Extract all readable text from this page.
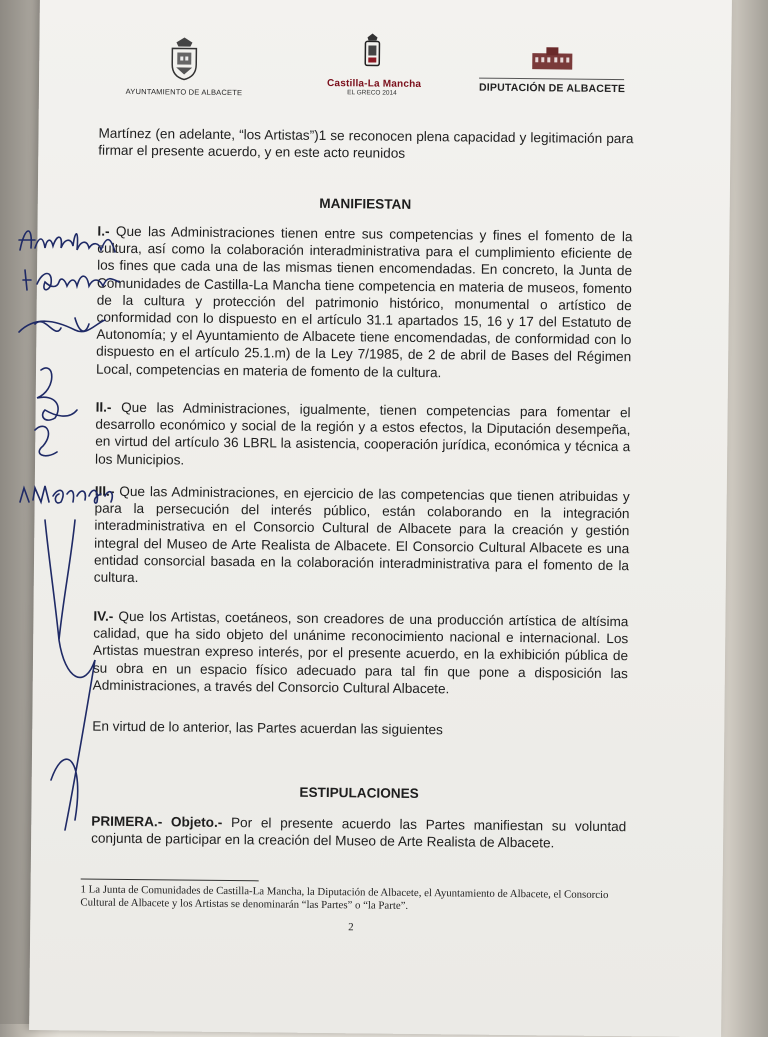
AYUNTAMIENTO DE ALBACETE
Castilla-La Mancha
EL GRECO 2014	DIPUTACIÓN DE ALBACETE
Martínez (en adelante, “los Artistas”)1 se reconocen plena capacidad y legitimación para firmar el presente acuerdo, y en este acto reunidos
MANIFIESTAN
I.- Que las Administraciones tienen entre sus competencias y fines el fomento de la cultura, así como la colaboración interadministrativa para el cumplimiento eficiente de los fines que cada una de las mismas tienen encomendadas. En concreto, la Junta de Comunidades de Castilla-La Mancha tiene competencia en materia de museos, fomento de la cultura y protección del patrimonio histórico, monumental o artístico de conformidad con lo dispuesto en el artículo 31.1 apartados 15, 16 y 17 del Estatuto de Autonomía; y el Ayuntamiento de Albacete tiene encomendadas, de conformidad con lo dispuesto en el artículo 25.1.m) de la Ley 7/1985, de 2 de abril de Bases del Régimen Local, competencias en materia de fomento de la cultura.
II.- Que las Administraciones, igualmente, tienen competencias para fomentar el desarrollo económico y social de la región y a estos efectos, la Diputación desempeña, en virtud del artículo 36 LBRL la asistencia, cooperación jurídica, económica y técnica a los Municipios.
III.- Que las Administraciones, en ejercicio de las competencias que tienen atribuidas y para la persecución del interés público, están colaborando en la integración interadministrativa en el Consorcio Cultural de Albacete para la creación y gestión integral del Museo de Arte Realista de Albacete. El Consorcio Cultural Albacete es una entidad consorcial basada en la colaboración interadministrativa para el fomento de la cultura.
IV.- Que los Artistas, coetáneos, son creadores de una producción artística de altísima calidad, que ha sido objeto del unánime reconocimiento nacional e internacional. Los Artistas muestran expreso interés, por el presente acuerdo, en la exhibición pública de su obra en un espacio físico adecuado para tal fin que pone a disposición las Administraciones, a través del Consorcio Cultural Albacete.
En virtud de lo anterior, las Partes acuerdan las siguientes
ESTIPULACIONES
PRIMERA.- Objeto.- Por el presente acuerdo las Partes manifiestan su voluntad conjunta de participar en la creación del Museo de Arte Realista de Albacete.
1 La Junta de Comunidades de Castilla-La Mancha, la Diputación de Albacete, el Ayuntamiento de Albacete, el Consorcio Cultural de Albacete y los Artistas se denominarán “las Partes” o “la Parte”.
2
